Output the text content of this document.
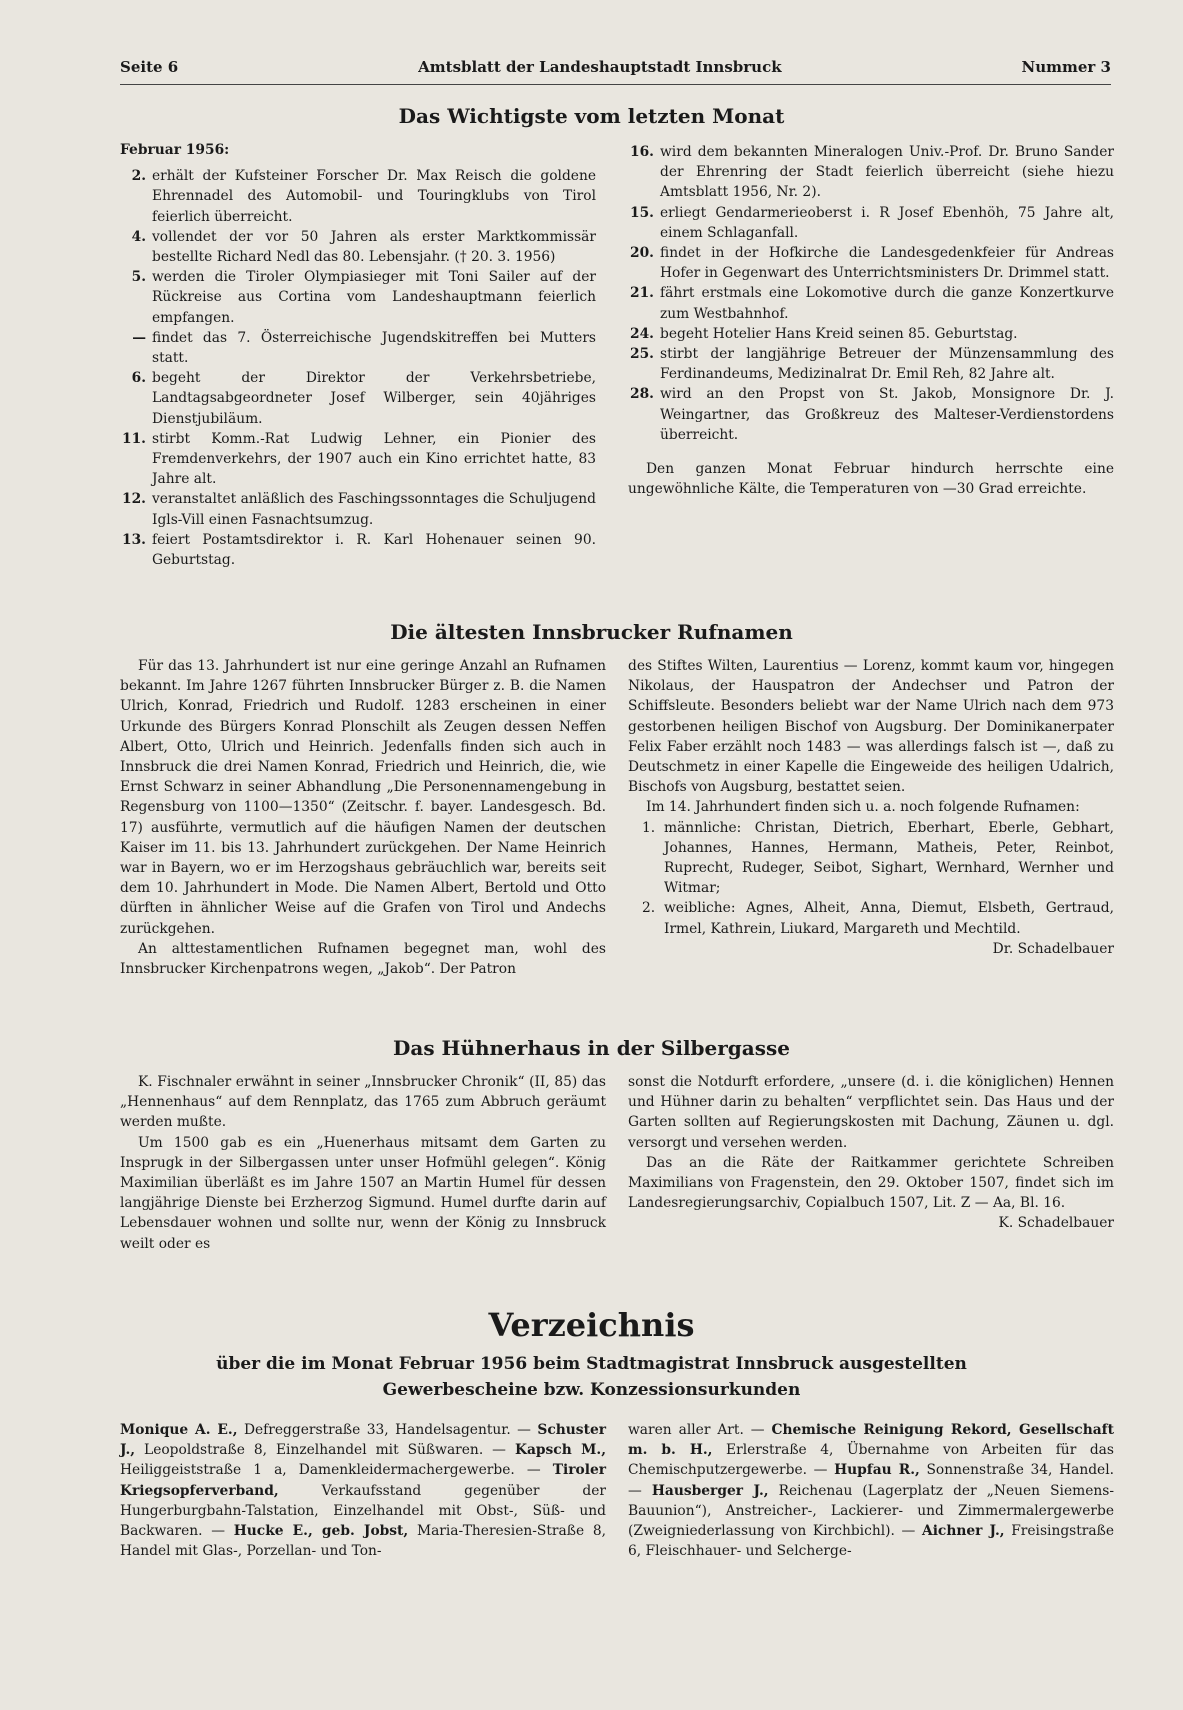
Seite 6	Amtsblatt der Landeshauptstadt Innsbruck	Nummer 3
Das Wichtigste vom letzten Monat

Februar 1956:

2. erhält der Kufsteiner Forscher Dr. Max Reisch die goldene Ehrennadel des Automobil- und Touringklubs von Tirol feierlich überreicht.
4. vollendet der vor 50 Jahren als erster Marktkommissär bestellte Richard Nedl das 80. Lebensjahr. († 20. 3. 1956)
5. werden die Tiroler Olympiasieger mit Toni Sailer auf der Rückreise aus Cortina vom Landeshauptmann feierlich empfangen.
— findet das 7. Österreichische Jugendskitreffen bei Mutters statt.
6. begeht der Direktor der Verkehrsbetriebe, Landtagsabgeordneter Josef Wilberger, sein 40jähriges Dienstjubiläum.
11. stirbt Komm.-Rat Ludwig Lehner, ein Pionier des Fremdenverkehrs, der 1907 auch ein Kino errichtet hatte, 83 Jahre alt.
12. veranstaltet anläßlich des Faschingssonntages die Schuljugend Igls-Vill einen Fasnachtsumzug.
13. feiert Postamtsdirektor i. R. Karl Hohenauer seinen 90. Geburtstag.
16. wird dem bekannten Mineralogen Univ.-Prof. Dr. Bruno Sander der Ehrenring der Stadt feierlich überreicht (siehe hiezu Amtsblatt 1956, Nr. 2).
15. erliegt Gendarmerieoberst i. R Josef Ebenhöh, 75 Jahre alt, einem Schlaganfall.
20. findet in der Hofkirche die Landesgedenkfeier für Andreas Hofer in Gegenwart des Unterrichtsministers Dr. Drimmel statt.
21. fährt erstmals eine Lokomotive durch die ganze Konzertkurve zum Westbahnhof.
24. begeht Hotelier Hans Kreid seinen 85. Geburtstag.
25. stirbt der langjährige Betreuer der Münzensammlung des Ferdinandeums, Medizinalrat Dr. Emil Reh, 82 Jahre alt.
28. wird an den Propst von St. Jakob, Monsignore Dr. J. Weingartner, das Großkreuz des Malteser-Verdienstordens überreicht.

Den ganzen Monat Februar hindurch herrschte eine ungewöhnliche Kälte, die Temperaturen von —30 Grad erreichte.

Die ältesten Innsbrucker Rufnamen

Für das 13. Jahrhundert ist nur eine geringe Anzahl an Rufnamen bekannt. Im Jahre 1267 führten Innsbrucker Bürger z. B. die Namen Ulrich, Konrad, Friedrich und Rudolf. 1283 erscheinen in einer Urkunde des Bürgers Konrad Plonschilt als Zeugen dessen Neffen Albert, Otto, Ulrich und Heinrich. Jedenfalls finden sich auch in Innsbruck die drei Namen Konrad, Friedrich und Heinrich, die, wie Ernst Schwarz in seiner Abhandlung „Die Personennamengebung in Regensburg von 1100—1350“ (Zeitschr. f. bayer. Landesgesch. Bd. 17) ausführte, vermutlich auf die häufigen Namen der deutschen Kaiser im 11. bis 13. Jahrhundert zurückgehen. Der Name Heinrich war in Bayern, wo er im Herzogshaus gebräuchlich war, bereits seit dem 10. Jahrhundert in Mode. Die Namen Albert, Bertold und Otto dürften in ähnlicher Weise auf die Grafen von Tirol und Andechs zurückgehen.

An alttestamentlichen Rufnamen begegnet man, wohl des Innsbrucker Kirchenpatrons wegen, „Jakob“. Der Patron

des Stiftes Wilten, Laurentius — Lorenz, kommt kaum vor, hingegen Nikolaus, der Hauspatron der Andechser und Patron der Schiffsleute. Besonders beliebt war der Name Ulrich nach dem 973 gestorbenen heiligen Bischof von Augsburg. Der Dominikanerpater Felix Faber erzählt noch 1483 — was allerdings falsch ist —, daß zu Deutschmetz in einer Kapelle die Eingeweide des heiligen Udalrich, Bischofs von Augsburg, bestattet seien.

Im 14. Jahrhundert finden sich u. a. noch folgende Rufnamen:

1. männliche: Christan, Dietrich, Eberhart, Eberle, Gebhart, Johannes, Hannes, Hermann, Matheis, Peter, Reinbot, Ruprecht, Rudeger, Seibot, Sighart, Wernhard, Wernher und Witmar;
2. weibliche: Agnes, Alheit, Anna, Diemut, Elsbeth, Gertraud, Irmel, Kathrein, Liukard, Margareth und Mechtild.

Dr. Schadelbauer

Das Hühnerhaus in der Silbergasse

K. Fischnaler erwähnt in seiner „Innsbrucker Chronik“ (II, 85) das „Hennenhaus“ auf dem Rennplatz, das 1765 zum Abbruch geräumt werden mußte.

Um 1500 gab es ein „Huenerhaus mitsamt dem Garten zu Insprugk in der Silbergassen unter unser Hofmühl gelegen“. König Maximilian überläßt es im Jahre 1507 an Martin Humel für dessen langjährige Dienste bei Erzherzog Sigmund. Humel durfte darin auf Lebensdauer wohnen und sollte nur, wenn der König zu Innsbruck weilt oder es

sonst die Notdurft erfordere, „unsere (d. i. die königlichen) Hennen und Hühner darin zu behalten“ verpflichtet sein. Das Haus und der Garten sollten auf Regierungskosten mit Dachung, Zäunen u. dgl. versorgt und versehen werden.

Das an die Räte der Raitkammer gerichtete Schreiben Maximilians von Fragenstein, den 29. Oktober 1507, findet sich im Landesregierungsarchiv, Copialbuch 1507, Lit. Z — Aa, Bl. 16.

K. Schadelbauer

Verzeichnis
über die im Monat Februar 1956 beim Stadtmagistrat Innsbruck ausgestellten
Gewerbescheine bzw. Konzessionsurkunden

Monique A. E., Defreggerstraße 33, Handelsagentur. — Schuster J., Leopoldstraße 8, Einzelhandel mit Süßwaren. — Kapsch M., Heiliggeiststraße 1 a, Damenkleidermachergewerbe. — Tiroler Kriegsopferverband, Verkaufsstand gegenüber der Hungerburgbahn-Talstation, Einzelhandel mit Obst-, Süß- und Backwaren. — Hucke E., geb. Jobst, Maria-Theresien-Straße 8, Handel mit Glas-, Porzellan- und Ton-

waren aller Art. — Chemische Reinigung Rekord, Gesellschaft m. b. H., Erlerstraße 4, Übernahme von Arbeiten für das Chemischputzergewerbe. — Hupfau R., Sonnenstraße 34, Handel. — Hausberger J., Reichenau (Lagerplatz der „Neuen Siemens-Bauunion“), Anstreicher-, Lackierer- und Zimmermalergewerbe (Zweigniederlassung von Kirchbichl). — Aichner J., Freisingstraße 6, Fleischhauer- und Selcherge-
